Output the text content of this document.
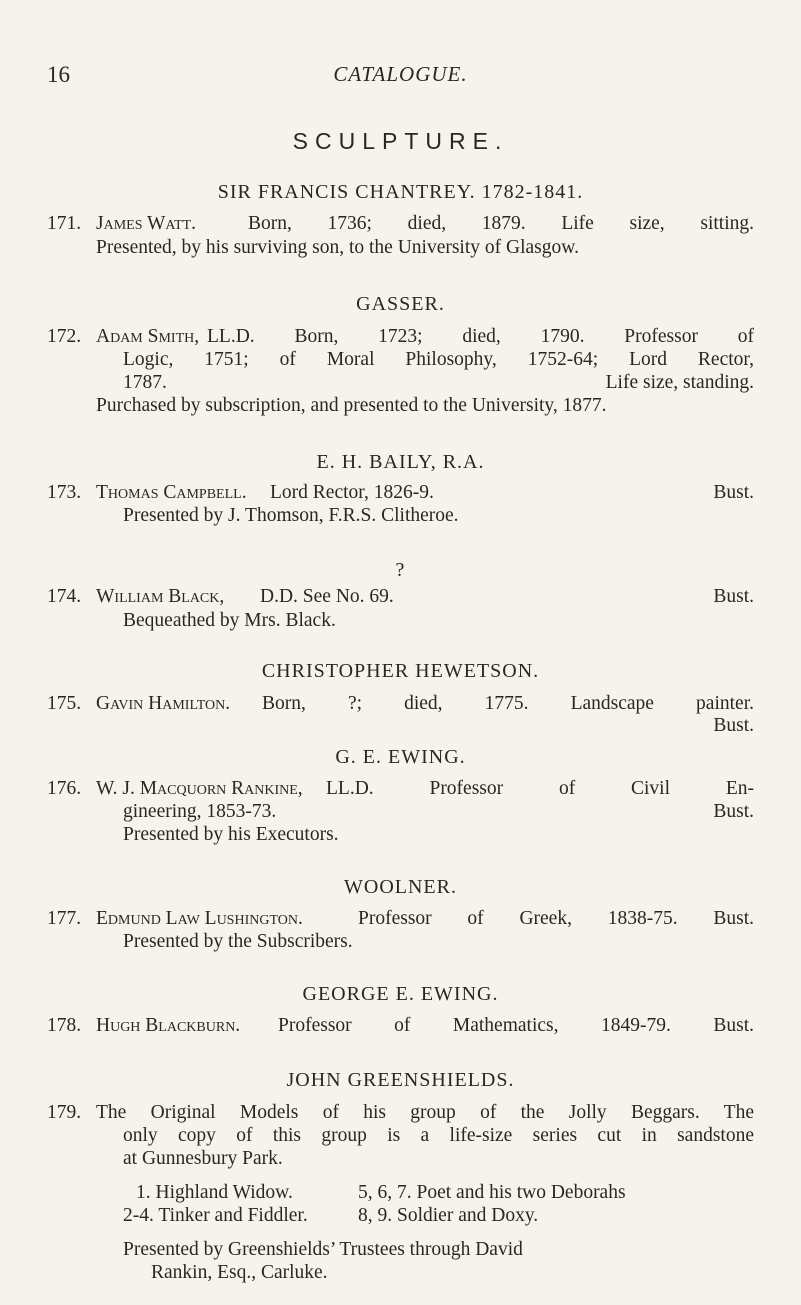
16	CATALOGUE.
SCULPTURE.
SIR FRANCIS CHANTREY. 1782-1841.
171. James Watt.	Born, 1736; died, 1879. Life size, sitting.
Presented, by his surviving son, to the University of Glasgow.
GASSER.
172. Adam Smith, LL.D. Born, 1723; died, 1790. Professor of
Logic, 1751; of Moral Philosophy, 1752-64; Lord Rector,
1787.	Life size, standing.
Purchased by subscription, and presented to the University, 1877.
E. H. BAILY, R.A.
173. Thomas Campbell. Lord Rector, 1826-9.	Bust.
Presented by J. Thomson, F.R.S. Clitheroe.
?
174. William Black, D.D. See No. 69.	Bust.
Bequeathed by Mrs. Black.
CHRISTOPHER HEWETSON.
175. Gavin Hamilton. Born, ?; died, 1775. Landscape painter.
Bust.
G. E. EWING.
176. W. J. Macquorn Rankine, LL.D. Professor of Civil En-
gineering, 1853-73.	Bust.
Presented by his Executors.
WOOLNER.
177. Edmund Law Lushington.	Professor of Greek, 1838-75. Bust.
Presented by the Subscribers.
GEORGE E. EWING.
178. Hugh Blackburn. Professor of Mathematics, 1849-79. Bust.
JOHN GREENSHIELDS.
179. The Original Models of his group of the Jolly Beggars. The
only copy of this group is a life-size series cut in sandstone
at Gunnesbury Park.
1. Highland Widow.	5, 6, 7. Poet and his two Deborahs
2-4. Tinker and Fiddler.	8, 9. Soldier and Doxy.
Presented by Greenshields’ Trustees through David
Rankin, Esq., Carluke.
